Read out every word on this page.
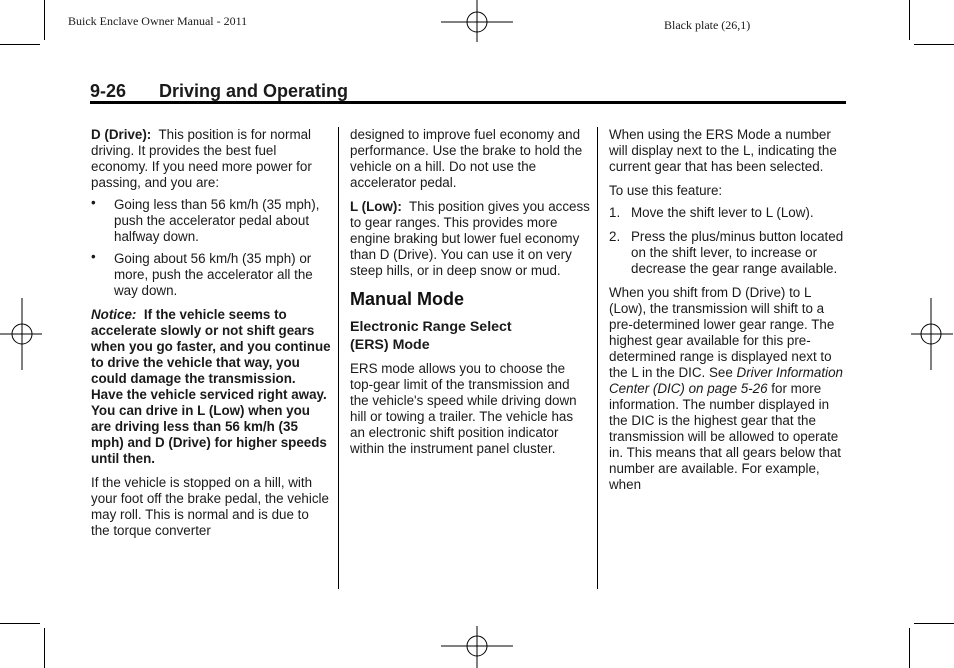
Buick Enclave Owner Manual - 2011	Black plate (26,1)
9-26 Driving and Operating

D (Drive): This position is for normal driving. It provides the best fuel economy. If you need more power for passing, and you are:

• Going less than 56 km/h (35 mph), push the accelerator pedal about halfway down.
• Going about 56 km/h (35 mph) or more, push the accelerator all the way down.

Notice: If the vehicle seems to accelerate slowly or not shift gears when you go faster, and you continue to drive the vehicle that way, you could damage the transmission. Have the vehicle serviced right away. You can drive in L (Low) when you are driving less than 56 km/h (35 mph) and D (Drive) for higher speeds until then.

If the vehicle is stopped on a hill, with your foot off the brake pedal, the vehicle may roll. This is normal and is due to the torque converter

designed to improve fuel economy and performance. Use the brake to hold the vehicle on a hill. Do not use the accelerator pedal.

L (Low): This position gives you access to gear ranges. This provides more engine braking but lower fuel economy than D (Drive). You can use it on very steep hills, or in deep snow or mud.

Manual Mode
Electronic Range Select
(ERS) Mode

ERS mode allows you to choose the top-gear limit of the transmission and the vehicle's speed while driving down hill or towing a trailer. The vehicle has an electronic shift position indicator within the instrument panel cluster.

When using the ERS Mode a number will display next to the L, indicating the current gear that has been selected.

To use this feature:

1. Move the shift lever to L (Low).
2. Press the plus/minus button located on the shift lever, to increase or decrease the gear range available.

When you shift from D (Drive) to L (Low), the transmission will shift to a pre-determined lower gear range. The highest gear available for this pre-determined range is displayed next to the L in the DIC. See Driver Information Center (DIC) on page 5-26 for more information. The number displayed in the DIC is the highest gear that the transmission will be allowed to operate in. This means that all gears below that number are available. For example, when
